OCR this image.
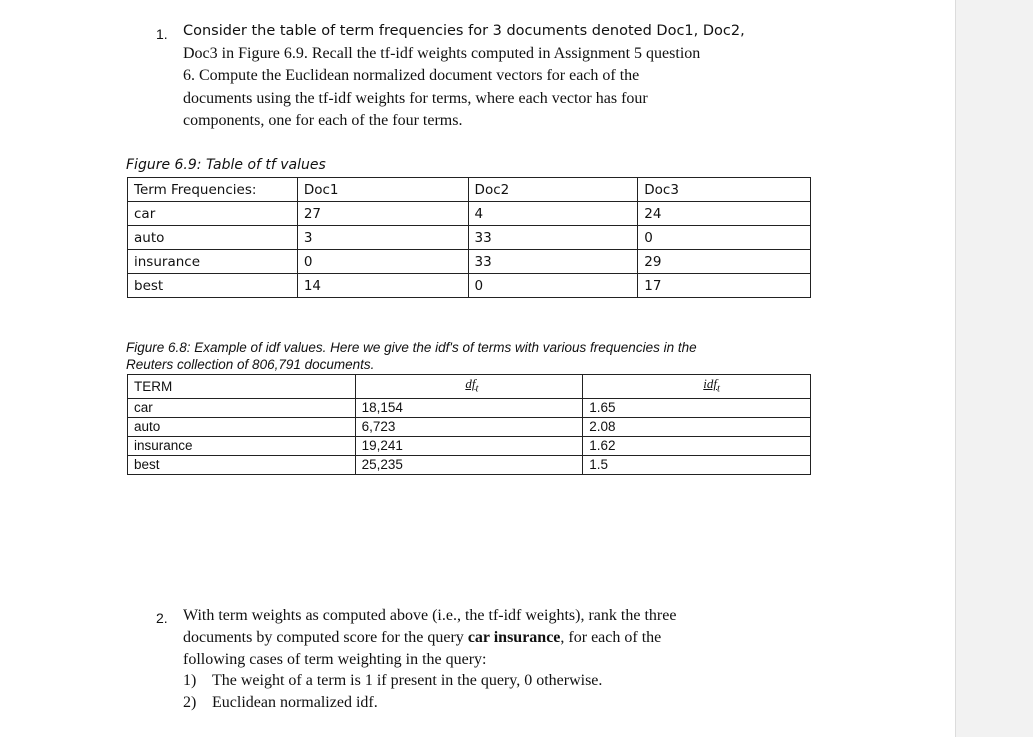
1. Consider the table of term frequencies for 3 documents denoted Doc1, Doc2,
Doc3 in Figure 6.9. Recall the tf-idf weights computed in Assignment 5 question
6. Compute the Euclidean normalized document vectors for each of the
documents using the tf-idf weights for terms, where each vector has four
components, one for each of the four terms.
Figure 6.9: Table of tf values
Term Frequencies:	Doc1	Doc2	Doc3
car	27	4	24
auto	3	33	0
insurance	0	33	29
best	14	0	17
Figure 6.8: Example of idf values. Here we give the idf's of terms with various frequencies in the
Reuters collection of 806,791 documents.
TERM	$df_t$	idf$_t$
car	18,154	1.65
auto	6,723	2.08
insurance	19,241	1.62
best	25,235	1.5
2. With term weights as computed above (i.e., the tf-idf weights), rank the three
documents by computed score for the query car insurance, for each of the
following cases of term weighting in the query:
1) The weight of a term is 1 if present in the query, 0 otherwise.
2) Euclidean normalized idf.
